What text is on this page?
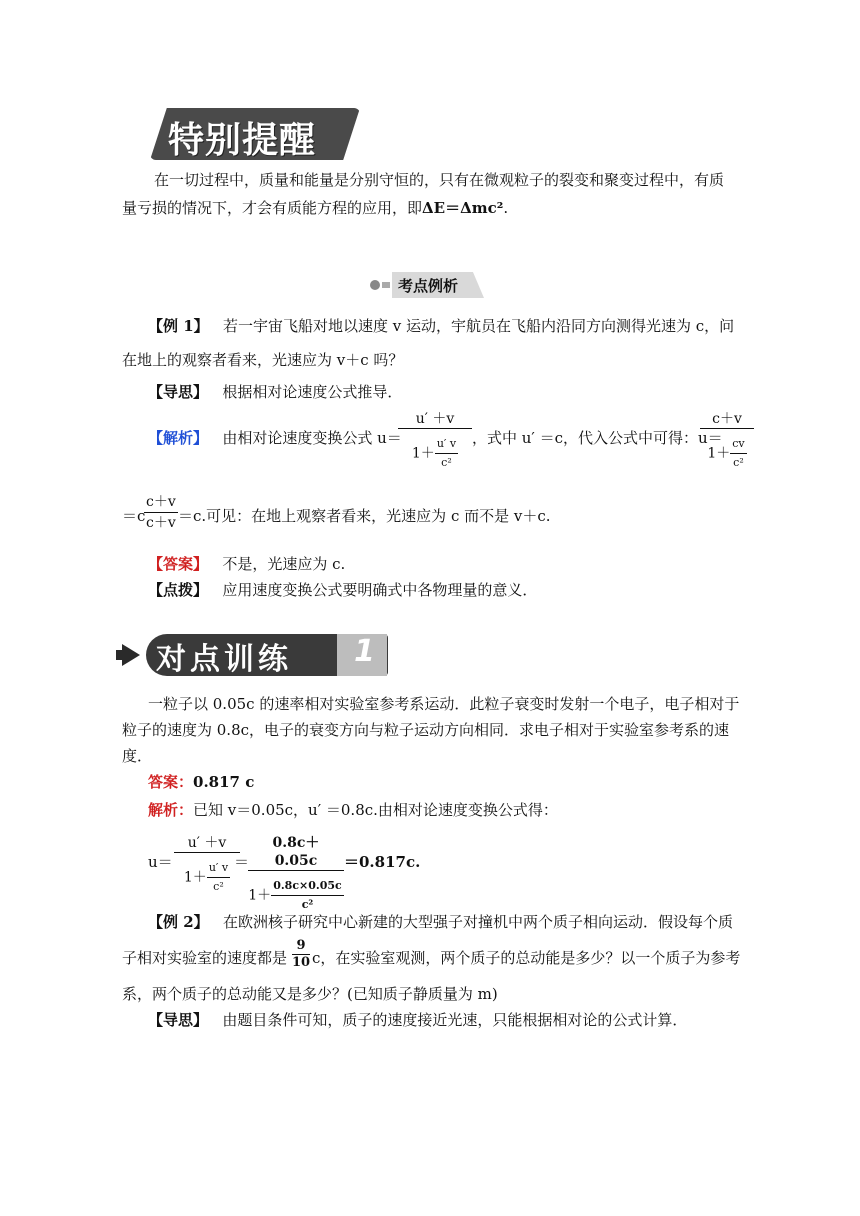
特别提醒
在一切过程中，质量和能量是分别守恒的，只有在微观粒子的裂变和聚变过程中，有质
量亏损的情况下，才会有质能方程的应用，即ΔE＝Δmc².
考点例析
【例 1】 若一宇宙飞船对地以速度 v 运动，宇航员在飞船内沿同方向测得光速为 c，问
在地上的观察者看来，光速应为 v＋c 吗？
【导思】 根据相对论速度公式推导．
【解析】 由相对论速度变换公式 u＝
u′ ＋v
$1+ \frac{u' v}{\text{c²}}$ ，式中 u′ ＝c，代入公式中可得：u＝
c＋v
$1+ \frac{cv}{\text{c²}}$
＝c
c＋v
c＋v ＝c.可见：在地上观察者看来，光速应为 c 而不是 v＋c.
【答案】 不是，光速应为 c.
【点拨】 应用速度变换公式要明确式中各物理量的意义．
对点训练 1
一粒子以 0.05c 的速率相对实验室参考系运动．此粒子衰变时发射一个电子，电子相对于
粒子的速度为 0.8c，电子的衰变方向与粒子运动方向相同．求电子相对于实验室参考系的速
度．
答案：0.817 c
解析：已知 v＝0.05c，u′ ＝0.8c.由相对论速度变换公式得：
u＝
u′ ＋v
$1+ \frac{u' v}{\text{c²}}$ ＝
0.8c＋0.05c
$1+ \frac{0.8c\times 0.05c}{\text{c²}}$
＝0.817c.
【例 2】 在欧洲核子研究中心新建的大型强子对撞机中两个质子相向运动．假设每个质
子相对实验室的速度都是
9
10 c，在实验室观测，两个质子的总动能是多少？以一个质子为参考
系，两个质子的总动能又是多少？(已知质子静质量为 m)
【导思】 由题目条件可知，质子的速度接近光速，只能根据相对论的公式计算．
